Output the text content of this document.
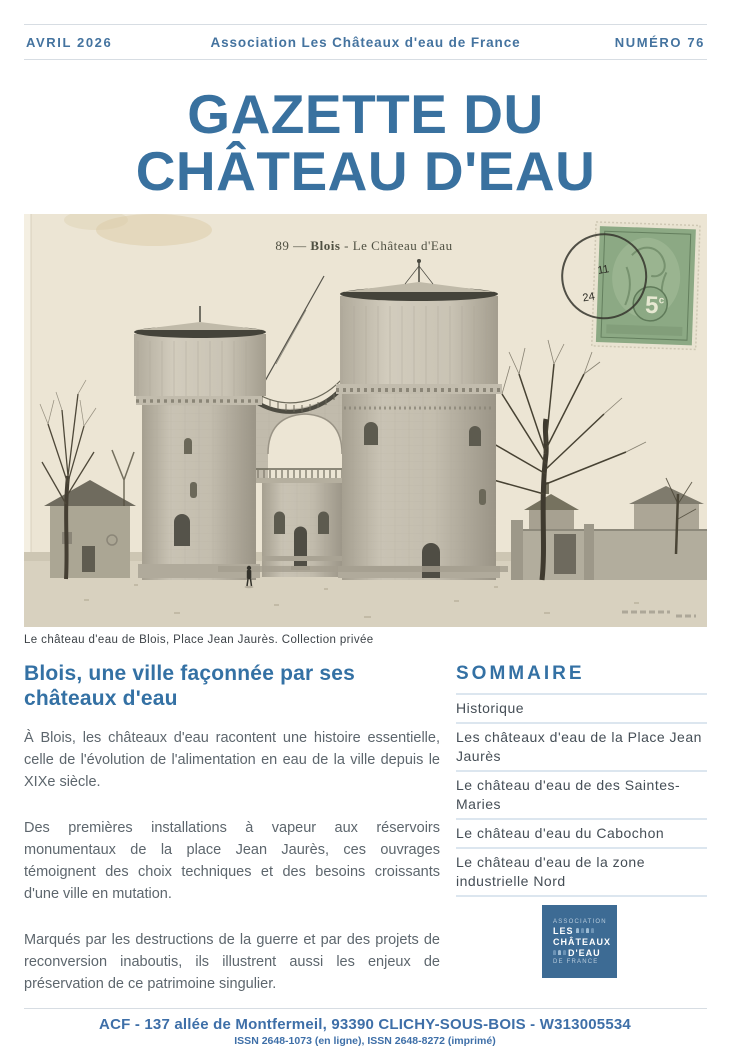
AVRIL 2026	Association Les Châteaux d'eau de France	NUMÉRO 76
GAZETTE DU
CHÂTEAU D'EAU
89 — Blois - Le Château d'Eau
5$^c$
11
24
Le château d'eau de Blois, Place Jean Jaurès. Collection privée
Blois, une ville façonnée par ses châteaux d'eau

À Blois, les châteaux d'eau racontent une histoire essentielle, celle de l'évolution de l'alimentation en eau de la ville depuis le XIXe siècle.

Des premières installations à vapeur aux réservoirs monumentaux de la place Jean Jaurès, ces ouvrages témoignent des choix techniques et des besoins croissants d'une ville en mutation.

Marqués par les destructions de la guerre et par des projets de reconversion inaboutis, ils illustrent aussi les enjeux de préservation de ce patrimoine singulier.

SOMMAIRE
Historique
Les châteaux d'eau de la Place Jean Jaurès
Le château d'eau de des Saintes-Maries
Le château d'eau du Cabochon
Le château d'eau de la zone industrielle Nord
ASSOCIATION
LES
CHÂTEAUX
D'EAU
DE FRANCE
ACF - 137 allée de Montfermeil, 93390 CLICHY-SOUS-BOIS - W313005534
ISSN 2648-1073 (en ligne), ISSN 2648-8272 (imprimé)
